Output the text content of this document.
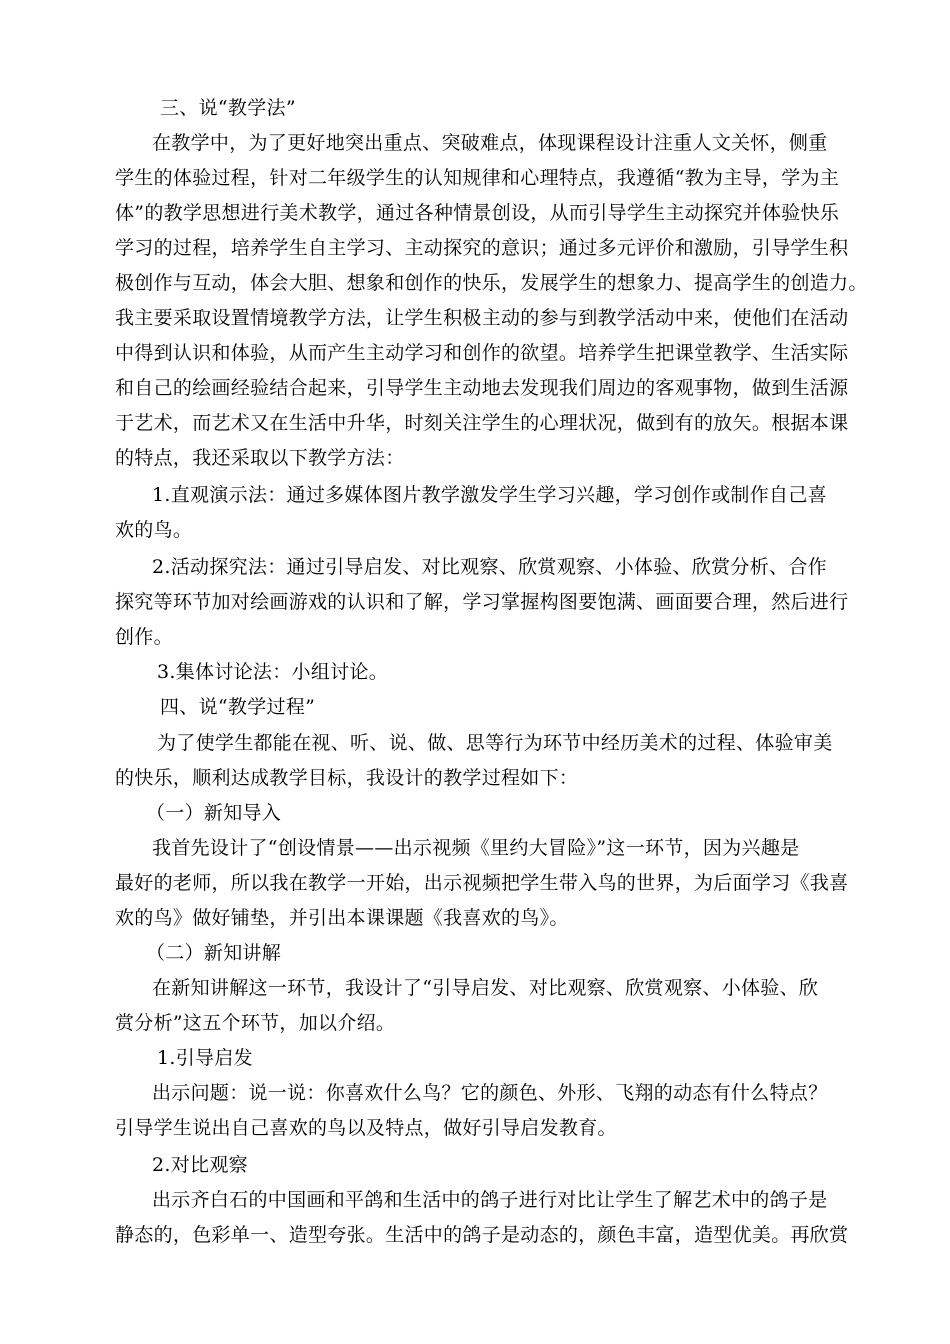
三、说“教学法”
在教学中，为了更好地突出重点、突破难点，体现课程设计注重人文关怀，侧重
学生的体验过程，针对二年级学生的认知规律和心理特点，我遵循“教为主导，学为主
体”的教学思想进行美术教学，通过各种情景创设，从而引导学生主动探究并体验快乐
学习的过程，培养学生自主学习、主动探究的意识；通过多元评价和激励，引导学生积
极创作与互动，体会大胆、想象和创作的快乐，发展学生的想象力、提高学生的创造力。
我主要采取设置情境教学方法，让学生积极主动的参与到教学活动中来，使他们在活动
中得到认识和体验，从而产生主动学习和创作的欲望。培养学生把课堂教学、生活实际
和自己的绘画经验结合起来，引导学生主动地去发现我们周边的客观事物，做到生活源
于艺术，而艺术又在生活中升华，时刻关注学生的心理状况，做到有的放矢。根据本课
的特点，我还采取以下教学方法：
1.直观演示法：通过多媒体图片教学激发学生学习兴趣，学习创作或制作自己喜
欢的鸟。
2.活动探究法：通过引导启发、对比观察、欣赏观察、小体验、欣赏分析、合作
探究等环节加对绘画游戏的认识和了解，学习掌握构图要饱满、画面要合理，然后进行
创作。
3.集体讨论法：小组讨论。
四、说“教学过程”
为了使学生都能在视、听、说、做、思等行为环节中经历美术的过程、体验审美
的快乐，顺利达成教学目标，我设计的教学过程如下：
（一）新知导入
我首先设计了“创设情景——出示视频《里约大冒险》”这一环节，因为兴趣是
最好的老师，所以我在教学一开始，出示视频把学生带入鸟的世界，为后面学习《我喜
欢的鸟》做好铺垫，并引出本课课题《我喜欢的鸟》。
（二）新知讲解
在新知讲解这一环节，我设计了“引导启发、对比观察、欣赏观察、小体验、欣
赏分析”这五个环节，加以介绍。
1.引导启发
出示问题：说一说：你喜欢什么鸟？它的颜色、外形、飞翔的动态有什么特点？
引导学生说出自己喜欢的鸟以及特点，做好引导启发教育。
2.对比观察
出示齐白石的中国画和平鸽和生活中的鸽子进行对比让学生了解艺术中的鸽子是
静态的，色彩单一、造型夸张。生活中的鸽子是动态的，颜色丰富，造型优美。再欣赏
